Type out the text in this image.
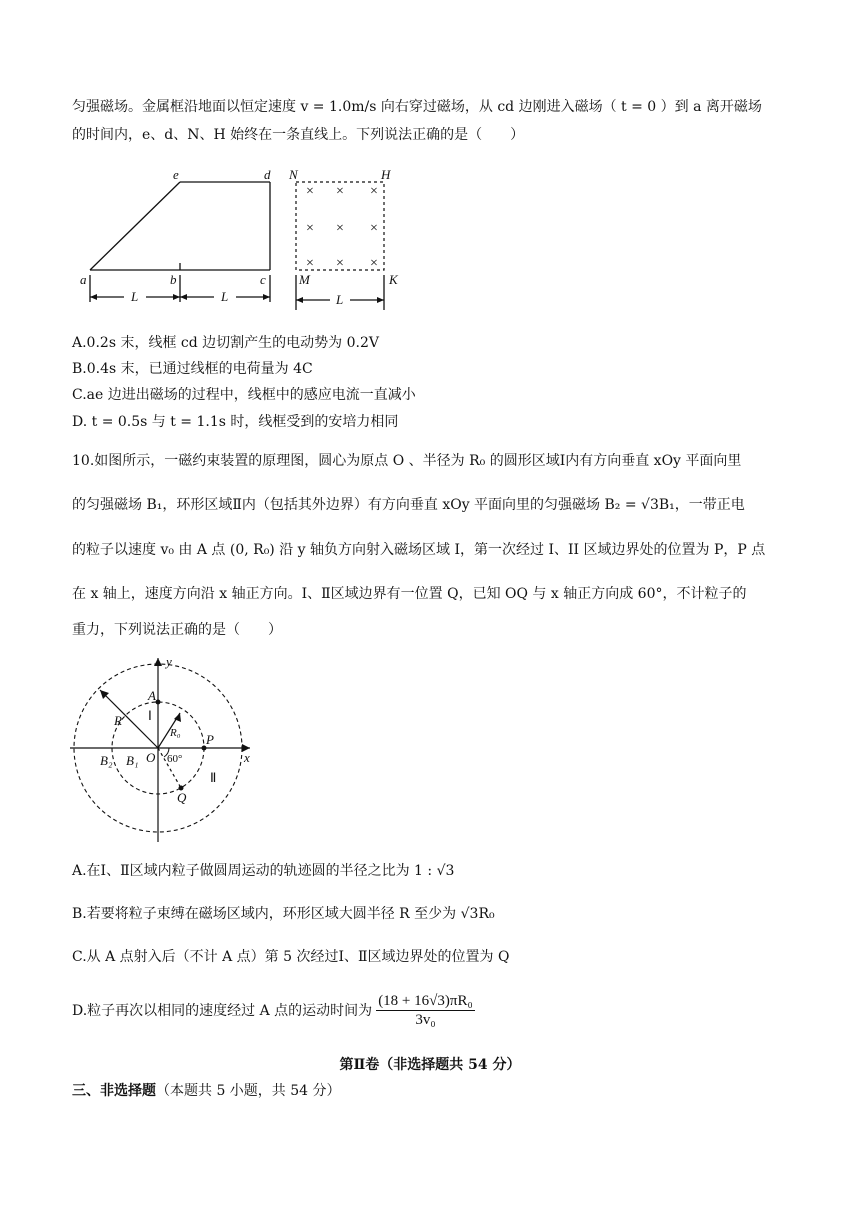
匀强磁场。金属框沿地面以恒定速度 v = 1.0m/s 向右穿过磁场，从 cd 边刚进入磁场（ t = 0 ）到 a 离开磁场
的时间内，e、d、N、H 始终在一条直线上。下列说法正确的是（　　）
× × ×
× × ×
× × ×
e	d
a	b	c
N	H
M	K
L	L	L
A.0.2s 末，线框 cd 边切割产生的电动势为 0.2V
B.0.4s 末，已通过线框的电荷量为 4C
C.ae 边进出磁场的过程中，线框中的感应电流一直减小
D. t = 0.5s 与 t = 1.1s 时，线框受到的安培力相同
10.如图所示，一磁约束装置的原理图，圆心为原点 O 、半径为 R₀ 的圆形区域Ⅰ内有方向垂直 xOy 平面向里
的匀强磁场 B₁，环形区域Ⅱ内（包括其外边界）有方向垂直 xOy 平面向里的匀强磁场 B₂ = √3B₁，一带正电
的粒子以速度 v₀ 由 A 点 (0, R₀) 沿 y 轴负方向射入磁场区域 I，第一次经过 I、II 区域边界处的位置为 P，P 点
在 x 轴上，速度方向沿 x 轴正方向。Ⅰ、Ⅱ区域边界有一位置 Q，已知 OQ 与 x 轴正方向成 60°，不计粒子的
重力，下列说法正确的是（　　）
y
x
A
O
P
Q
R
R₀
B₂ B₁
Ⅰ
Ⅱ
60°
A.在Ⅰ、Ⅱ区域内粒子做圆周运动的轨迹圆的半径之比为 1 : √3
B.若要将粒子束缚在磁场区域内，环形区域大圆半径 R 至少为 √3R₀
C.从 A 点射入后（不计 A 点）第 5 次经过Ⅰ、Ⅱ区域边界处的位置为 Q
D.粒子再次以相同的速度经过 A 点的运动时间为 $\frac{\text{(18 + 16√3)πR₀}}{\text{3v₀}}$
第Ⅱ卷（非选择题共 54 分）
三、非选择题（本题共 5 小题，共 54 分）
